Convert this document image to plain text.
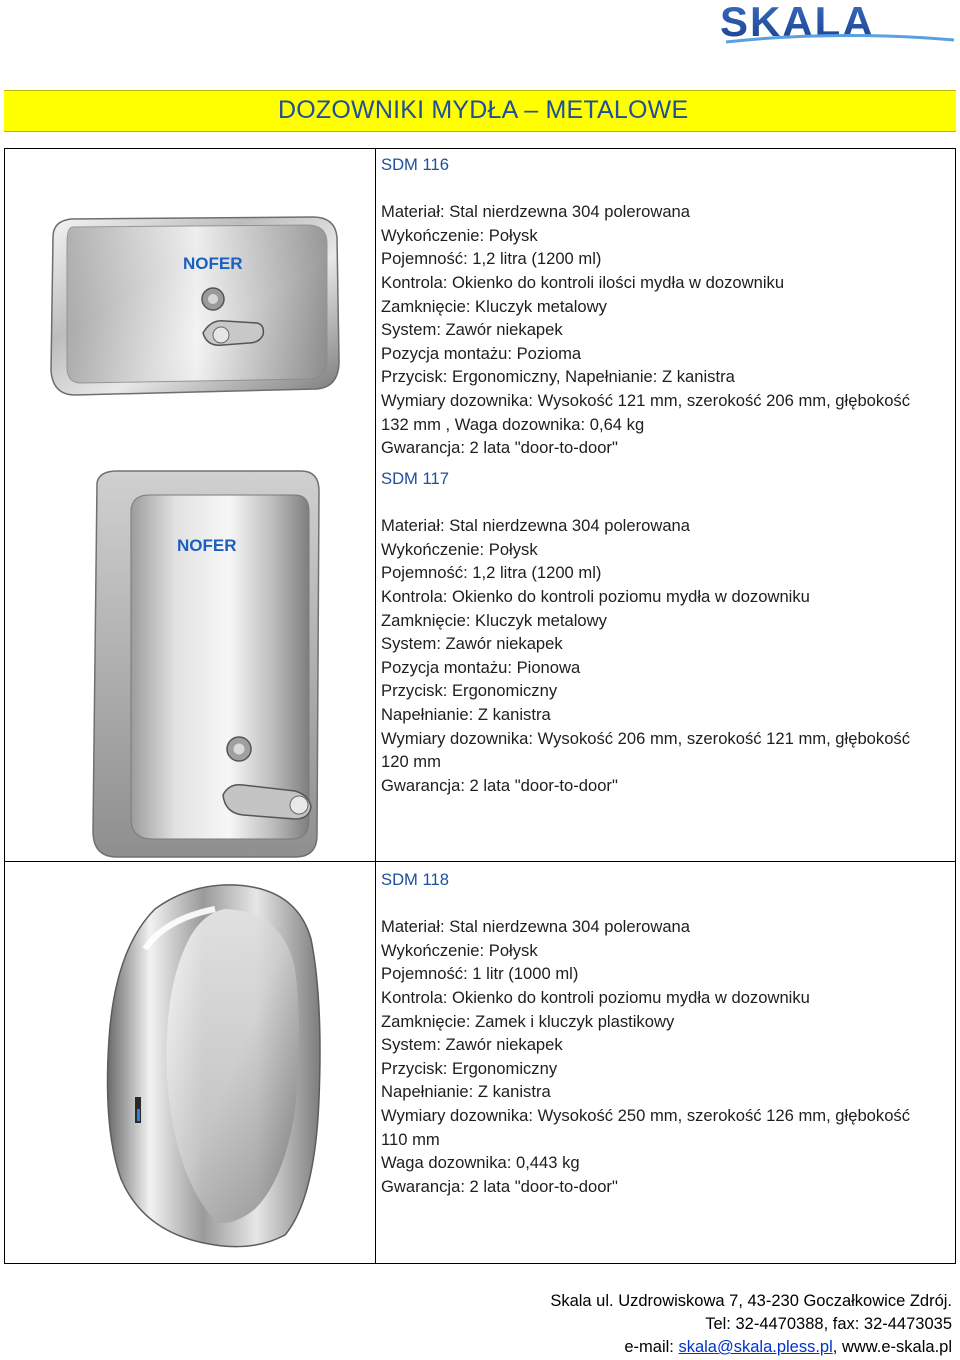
SKALA
DOZOWNIKI MYDŁA – METALOWE
NOFER
NOFER
SDM 116
Materiał: Stal nierdzewna 304 polerowana
Wykończenie: Połysk
Pojemność: 1,2 litra (1200 ml)
Kontrola: Okienko do kontroli ilości mydła w dozowniku
Zamknięcie: Kluczyk metalowy
System: Zawór niekapek
Pozycja montażu: Pozioma
Przycisk: Ergonomiczny, Napełnianie: Z kanistra
Wymiary dozownika: Wysokość 121 mm, szerokość 206 mm, głębokość
132 mm , Waga dozownika: 0,64 kg
Gwarancja: 2 lata "door-to-door"
SDM 117
Materiał: Stal nierdzewna 304 polerowana
Wykończenie: Połysk
Pojemność: 1,2 litra (1200 ml)
Kontrola: Okienko do kontroli poziomu mydła w dozowniku
Zamknięcie: Kluczyk metalowy
System: Zawór niekapek
Pozycja montażu: Pionowa
Przycisk: Ergonomiczny
Napełnianie: Z kanistra
Wymiary dozownika: Wysokość 206 mm, szerokość 121 mm, głębokość
120 mm
Gwarancja: 2 lata "door-to-door"
SDM 118
Materiał: Stal nierdzewna 304 polerowana
Wykończenie: Połysk
Pojemność: 1 litr (1000 ml)
Kontrola: Okienko do kontroli poziomu mydła w dozowniku
Zamknięcie: Zamek i kluczyk plastikowy
System: Zawór niekapek
Przycisk: Ergonomiczny
Napełnianie: Z kanistra
Wymiary dozownika: Wysokość 250 mm, szerokość 126 mm, głębokość
110 mm
Waga dozownika: 0,443 kg
Gwarancja: 2 lata "door-to-door"
Skala ul. Uzdrowiskowa 7, 43-230 Goczałkowice Zdrój.
Tel: 32-4470388, fax: 32-4473035
e-mail: skala@skala.pless.pl, www.e-skala.pl
